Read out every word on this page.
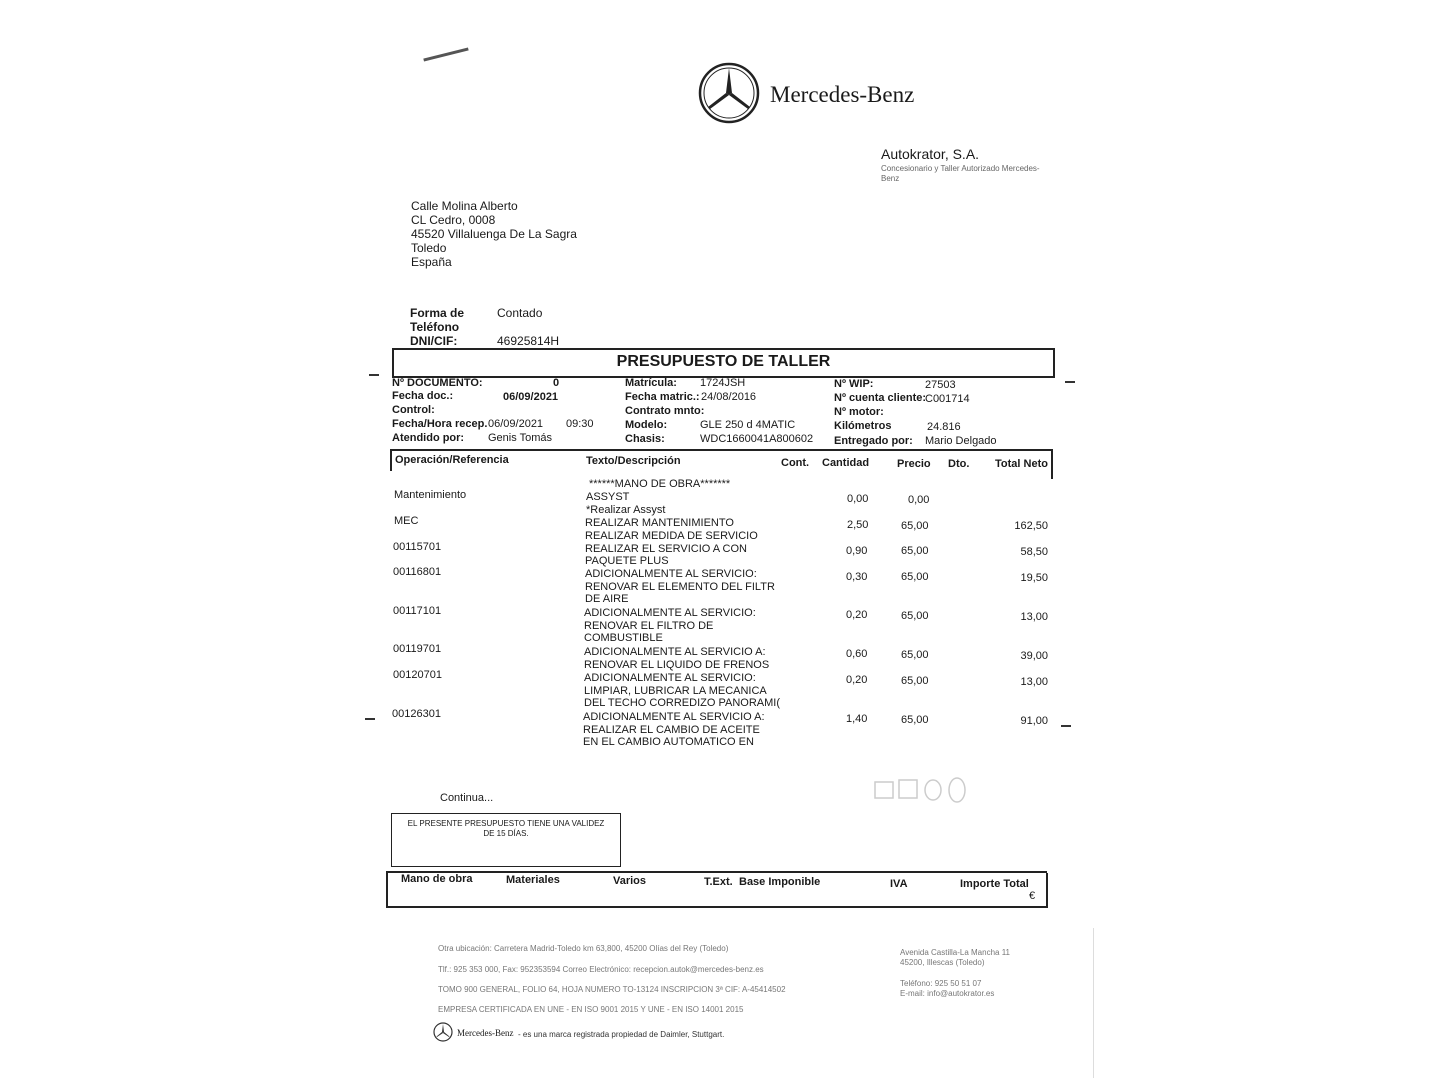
Mercedes-Benz
Autokrator, S.A.
Concesionario y Taller Autorizado Mercedes-
Benz
Calle Molina Alberto
CL Cedro, 0008
45520 Villaluenga De La Sagra
Toledo
España
Forma de	Contado
Teléfono
DNI/CIF:	46925814H
PRESUPUESTO DE TALLER
Nº DOCUMENTO:	0
Fecha doc.:	06/09/2021
Control:
Fecha/Hora recep. 06/09/2021 09:30
Atendido por: Genis Tomás
Matrícula: 1724JSH
Fecha matric.: 24/08/2016
Contrato mnto:
Modelo:	GLE 250 d 4MATIC
Chasis:	WDC1660041A800602
Nº WIP:	27503
Nº cuenta cliente:
C001714
Nº motor:
Kilómetros	24.816
Entregado por: Mario Delgado
Operación/Referencia	Texto/Descripción	Cont. Cantidad	Precio Dto. Total Neto
******MANO DE OBRA*******
Mantenimiento	ASSYST
*Realizar Assyst
0,00	0,00
MEC	REALIZAR MANTENIMIENTO
REALIZAR MEDIDA DE SERVICIO
2,50	65,00	162,50
00115701	REALIZAR EL SERVICIO A CON
PAQUETE PLUS
0,90	65,00	58,50
00116801	ADICIONALMENTE AL SERVICIO:
RENOVAR EL ELEMENTO DEL FILTR
DE AIRE
0,30	65,00	19,50
00117101	ADICIONALMENTE AL SERVICIO:
RENOVAR EL FILTRO DE
COMBUSTIBLE
0,20	65,00	13,00
00119701	ADICIONALMENTE AL SERVICIO A:
RENOVAR EL LIQUIDO DE FRENOS
0,60	65,00	39,00
00120701	ADICIONALMENTE AL SERVICIO:
LIMPIAR, LUBRICAR LA MECANICA
DEL TECHO CORREDIZO PANORAMI(
0,20	65,00	13,00
00126301	ADICIONALMENTE AL SERVICIO A:
REALIZAR EL CAMBIO DE ACEITE
EN EL CAMBIO AUTOMATICO EN
1,40	65,00	91,00
Continua...
EL PRESENTE PRESUPUESTO TIENE UNA VALIDEZ
DE 15 DÍAS.
Mano de obra	Materiales	Varios	T.Ext. Base Imponible	IVA	Importe Total
€
Otra ubicación: Carretera Madrid-Toledo km 63,800, 45200 Olías del Rey (Toledo)
Tlf.: 925 353 000, Fax: 952353594 Correo Electrónico: recepcion.autok@mercedes-benz.es
TOMO 900 GENERAL, FOLIO 64, HOJA NUMERO TO-13124 INSCRIPCION 3ª CIF: A-45414502
EMPRESA CERTIFICADA EN UNE - EN ISO 9001 2015 Y UNE - EN ISO 14001 2015
Avenida Castilla-La Mancha 11
45200, Illescas (Toledo)
Teléfono: 925 50 51 07
E-mail: info@autokrator.es
Mercedes-Benz - es una marca registrada propiedad de Daimler, Stuttgart.
